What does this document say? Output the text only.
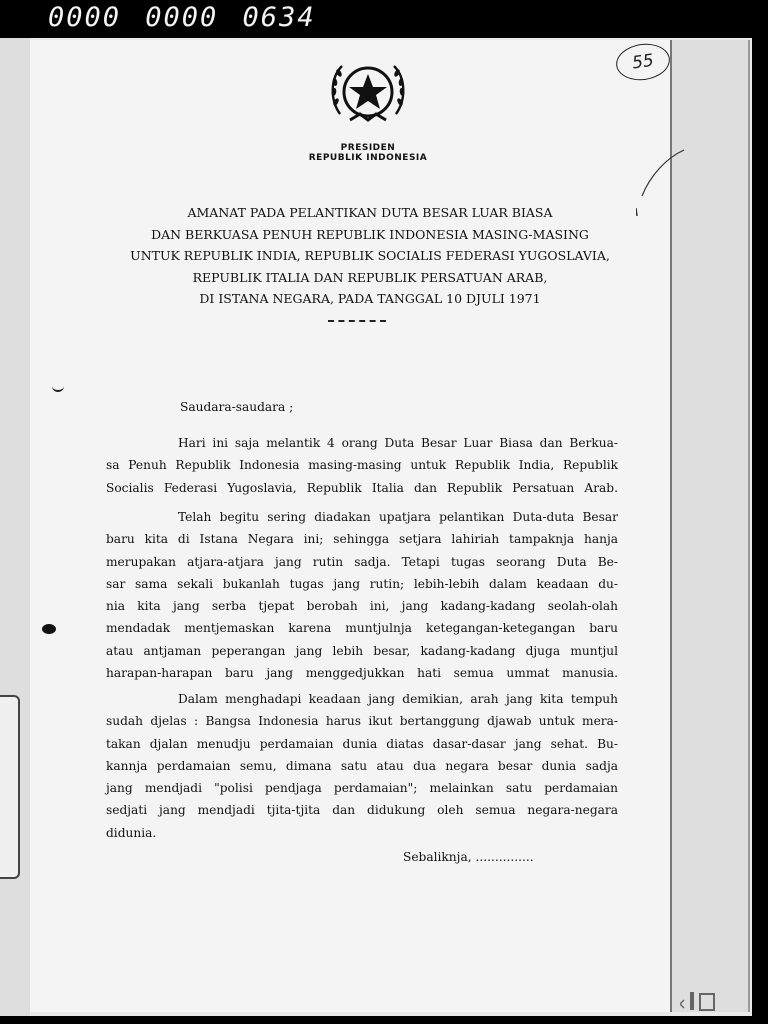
0000 0000 0634
55
PRESIDEN
REPUBLIK INDONESIA
AMANAT PADA PELANTIKAN DUTA BESAR LUAR BIASA
DAN BERKUASA PENUH REPUBLIK INDONESIA MASING-MASING
UNTUK REPUBLIK INDIA, REPUBLIK SOCIALIS FEDERASI YUGOSLAVIA,
REPUBLIK ITALIA DAN REPUBLIK PERSATUAN ARAB,
DI ISTANA NEGARA, PADA TANGGAL 10 DJULI 1971
Saudara-saudara ;
Hari ini saja melantik 4 orang Duta Besar Luar Biasa dan Berkua-
sa Penuh Republik Indonesia masing-masing untuk Republik India, Republik
Socialis Federasi Yugoslavia, Republik Italia dan Republik Persatuan Arab.
Telah begitu sering diadakan upatjara pelantikan Duta-duta Besar
baru kita di Istana Negara ini; sehingga setjara lahiriah tampaknja hanja
merupakan atjara-atjara jang rutin sadja. Tetapi tugas seorang Duta Be-
sar sama sekali bukanlah tugas jang rutin; lebih-lebih dalam keadaan du-
nia kita jang serba tjepat berobah ini, jang kadang-kadang seolah-olah
mendadak mentjemaskan karena muntjulnja ketegangan-ketegangan baru
atau antjaman peperangan jang lebih besar, kadang-kadang djuga muntjul
harapan-harapan baru jang menggedjukkan hati semua ummat manusia.
Dalam menghadapi keadaan jang demikian, arah jang kita tempuh
sudah djelas : Bangsa Indonesia harus ikut bertanggung djawab untuk mera-
takan djalan menudju perdamaian dunia diatas dasar-dasar jang sehat. Bu-
kannja perdamaian semu, dimana satu atau dua negara besar dunia sadja
jang mendjadi "polisi pendjaga perdamaian"; melainkan satu perdamaian
sedjati jang mendjadi tjita-tjita dan didukung oleh semua negara-negara
didunia.
Sebaliknja, ...............
